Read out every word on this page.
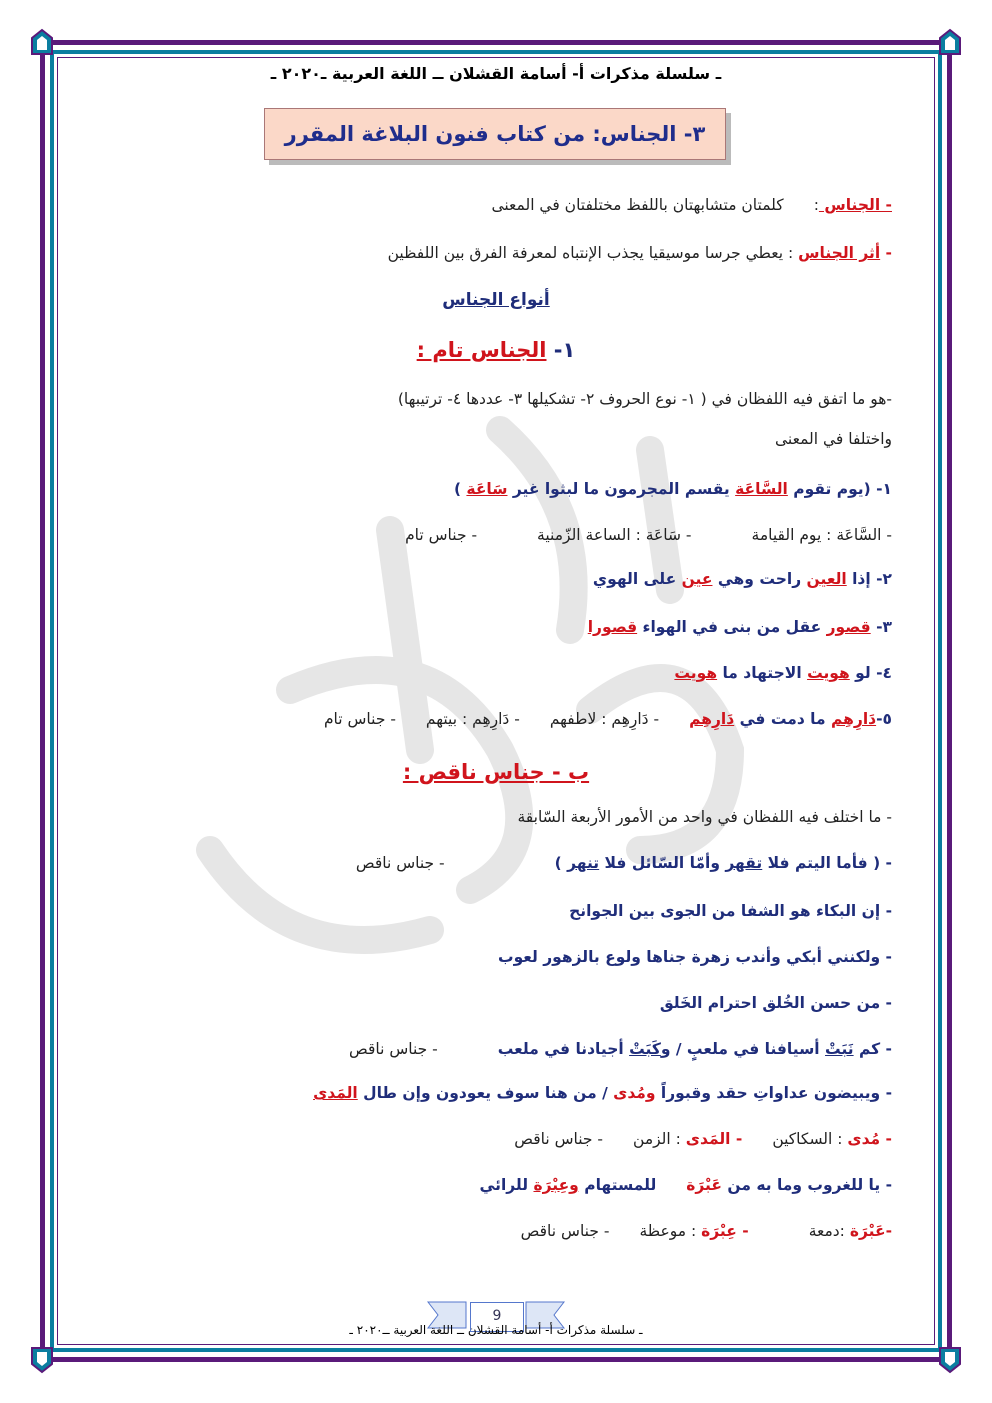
ـ سلسلة مذكرات أ- أسامة القشلان ــ اللغة العربية ـ٢٠٢٠ ـ
٣- الجناس: من كتاب فنون البلاغة المقرر
- الجناس :كلمتان متشابهتان باللفظ مختلفتان في المعنى
- أثر الجناس : يعطي جرسا موسيقيا يجذب الإنتباه لمعرفة الفرق بين اللفظين
أنواع الجناس
١- الجناس تام :
-هو ما اتفق فيه اللفظان في ( ١- نوع الحروف ٢- تشكيلها ٣- عددها ٤- ترتيبها)
واختلفا في المعنى
١- (يوم تقوم السَّاعَة يقسم المجرمون ما لبثوا غير سَاعَة )
- السَّاعَة : يوم القيامة- سَاعَة : الساعة الزّمنية- جناس تام
٢- إذا العين راحت وهي عين على الهوي
٣- قصور عقل من بنى في الهواء قصورا
٤- لو هويت الاجتهاد ما هويت
٥-دَارِهِم ما دمت في دَارِهِم- دَارِهِم : لاطفهم- دَارِهِم : بيتهم- جناس تام
ب - جناس ناقص :
- ما اختلف فيه اللفظان في واحد من الأمور الأربعة السّابقة
- ( فأما اليتم فلا تقهر وأمّا السّائل فلا تنهر )- جناس ناقص
- إن البكاء هو الشفا من الجوى بين الجوانح
- ولكنني أبكي وأندب زهرة جناها ولوع بالزهور لعوب
- من حسن الخُلق احترام الخَلق
- كم نَبَتْ أسيافنا في ملعبٍ / وكَبَتْ أجيادنا في ملعب- جناس ناقص
- ويبيضون عداواتِ حقد وقبوراً ومُدى / من هنا سوف يعودون وإن طال المَدى
- مُدى : السكاكين- المَدى : الزمن- جناس ناقص
- يا للغروب وما به من عَبْرَةللمستهام وعِبْرَة للرائي
-عَبْرَة :دمعة- عِبْرَة : موعظة- جناس ناقص
9
ـ سلسلة مذكرات أ- أسامة القشلان ــ اللغة العربية ــ٢٠٢٠ ـ
